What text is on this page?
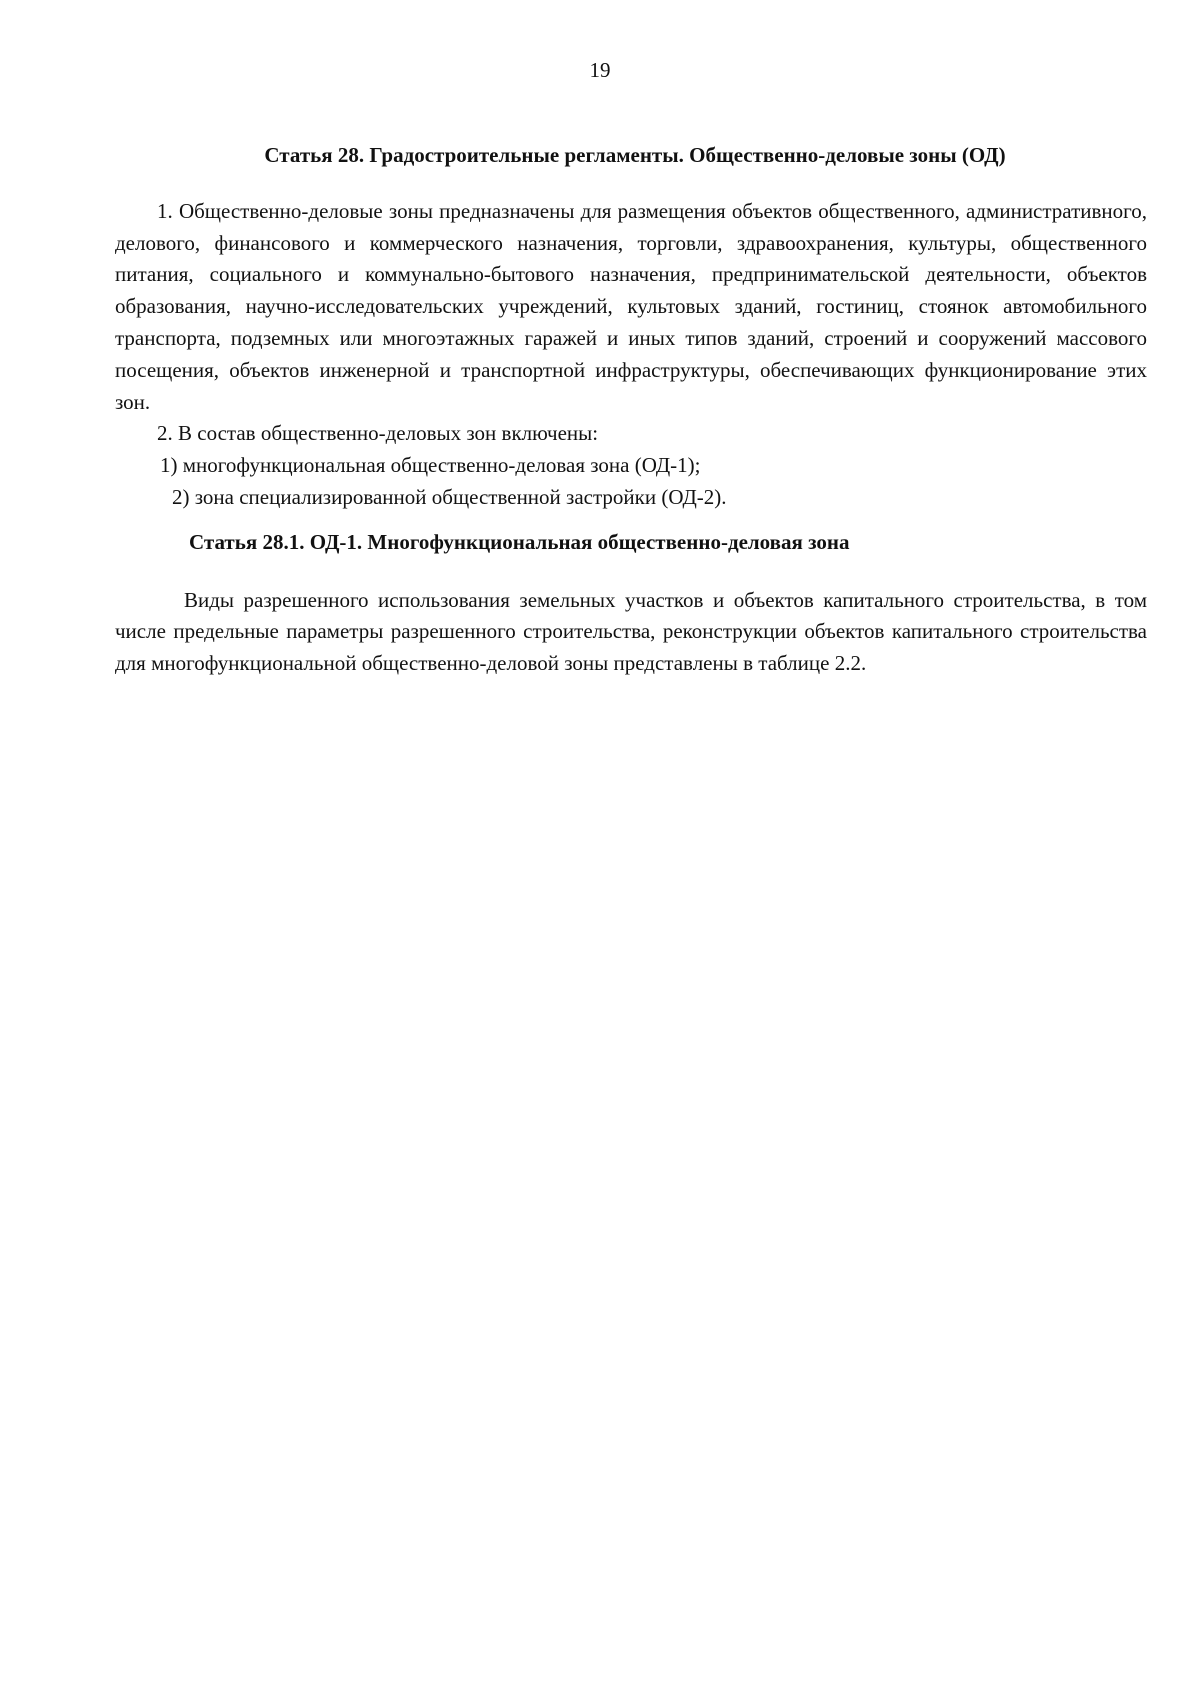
19

Статья 28. Градостроительные регламенты. Общественно-деловые зоны (ОД)

1. Общественно-деловые зоны предназначены для размещения объектов общественного, административного, делового, финансового и коммерческого назначения, торговли, здравоохранения, культуры, общественного питания, социального и коммунально-бытового назначения, предпринимательской деятельности, объектов образования, научно-исследовательских учреждений, культовых зданий, гостиниц, стоянок автомобильного транспорта, подземных или многоэтажных гаражей и иных типов зданий, строений и сооружений массового посещения, объектов инженерной и транспортной инфраструктуры, обеспечивающих функционирование этих зон.

2. В состав общественно-деловых зон включены:

1) многофункциональная общественно-деловая зона (ОД-1);

2) зона специализированной общественной застройки (ОД-2).

Статья 28.1. ОД-1. Многофункциональная общественно-деловая зона

Виды разрешенного использования земельных участков и объектов капитального строительства, в том числе предельные параметры разрешенного строительства, реконструкции объектов капитального строительства для многофункциональной общественно-деловой зоны представлены в таблице 2.2.
